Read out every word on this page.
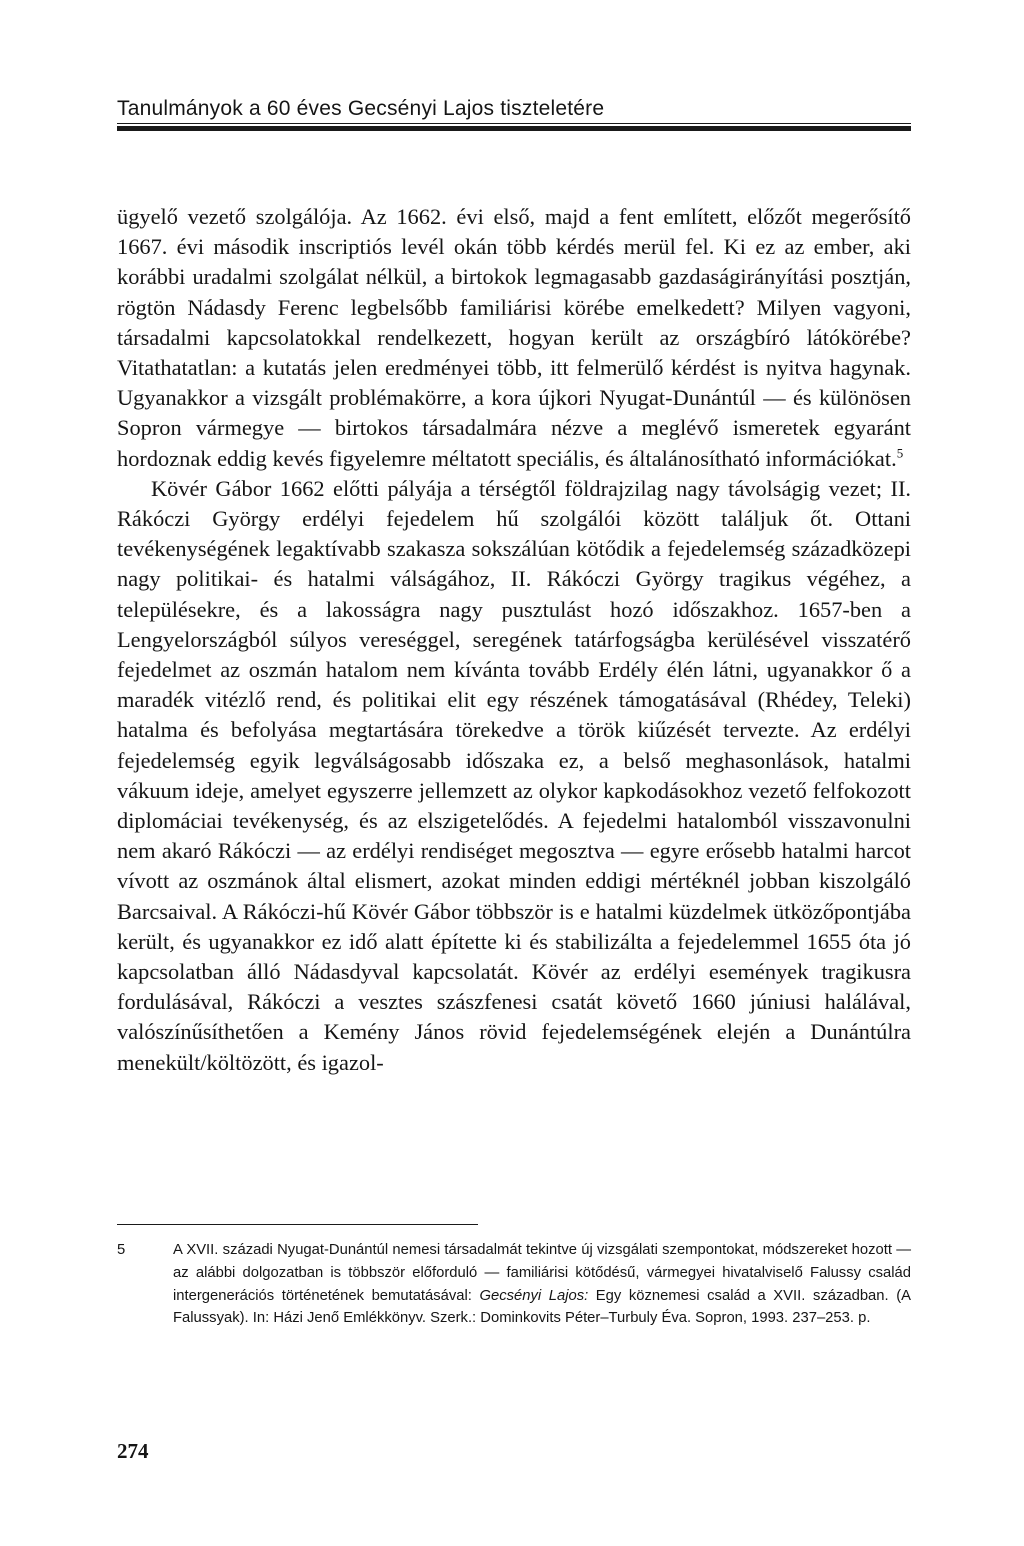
Tanulmányok a 60 éves Gecsényi Lajos tiszteletére

ügyelő vezető szolgálója. Az 1662. évi első, majd a fent említett, előzőt megerősítő 1667. évi második inscriptiós levél okán több kérdés merül fel. Ki ez az ember, aki korábbi uradalmi szolgálat nélkül, a birtokok legmagasabb gazdaságirányítási posztján, rögtön Nádasdy Ferenc legbelsőbb familiárisi körébe emelkedett? Milyen vagyoni, társadalmi kapcsolatokkal rendelkezett, hogyan került az országbíró látókörébe? Vitathatatlan: a kutatás jelen eredményei több, itt felmerülő kérdést is nyitva hagynak. Ugyanakkor a vizsgált problémakörre, a kora újkori Nyugat-Dunántúl — és különösen Sopron vármegye — birtokos társadalmára nézve a meglévő ismeretek egyaránt hordoznak eddig kevés figyelemre méltatott speciális, és általánosítható információkat.$^5$

Kövér Gábor 1662 előtti pályája a térségtől földrajzilag nagy távolságig vezet; II. Rákóczi György erdélyi fejedelem hű szolgálói között találjuk őt. Ottani tevékenységének legaktívabb szakasza sokszálúan kötődik a fejedelemség századközepi nagy politikai- és hatalmi válságához, II. Rákóczi György tragikus végéhez, a településekre, és a lakosságra nagy pusztulást hozó időszakhoz. 1657-ben a Lengyelországból súlyos vereséggel, seregének tatárfogságba kerülésével visszatérő fejedelmet az oszmán hatalom nem kívánta tovább Erdély élén látni, ugyanakkor ő a maradék vitézlő rend, és politikai elit egy részének támogatásával (Rhédey, Teleki) hatalma és befolyása megtartására törekedve a török kiűzését tervezte. Az erdélyi fejedelemség egyik legválságosabb időszaka ez, a belső meghasonlások, hatalmi vákuum ideje, amelyet egyszerre jellemzett az olykor kapkodásokhoz vezető felfokozott diplomáciai tevékenység, és az elszigetelődés. A fejedelmi hatalomból visszavonulni nem akaró Rákóczi — az erdélyi rendiséget megosztva — egyre erősebb hatalmi harcot vívott az oszmánok által elismert, azokat minden eddigi mértéknél jobban kiszolgáló Barcsaival. A Rákóczi-hű Kövér Gábor többször is e hatalmi küzdelmek ütközőpontjába került, és ugyanakkor ez idő alatt építette ki és stabilizálta a fejedelemmel 1655 óta jó kapcsolatban álló Nádasdyval kapcsolatát. Kövér az erdélyi események tragikusra fordulásával, Rákóczi a vesztes szászfenesi csatát követő 1660 júniusi halálával, valószínűsíthetően a Kemény János rövid fejedelemségének elején a Dunántúlra menekült/költözött, és igazol-

5	A XVII. századi Nyugat-Dunántúl nemesi társadalmát tekintve új vizsgálati szempontokat, módszereket hozott — az alábbi dolgozatban is többször előforduló — familiárisi kötődésű, vármegyei hivatalviselő Falussy család intergenerációs történetének bemutatásával: Gecsényi Lajos: Egy köznemesi család a XVII. században. (A Falussyak). In: Házi Jenő Emlékkönyv. Szerk.: Dominkovits Péter–Turbuly Éva. Sopron, 1993. 237–253. p.
274
